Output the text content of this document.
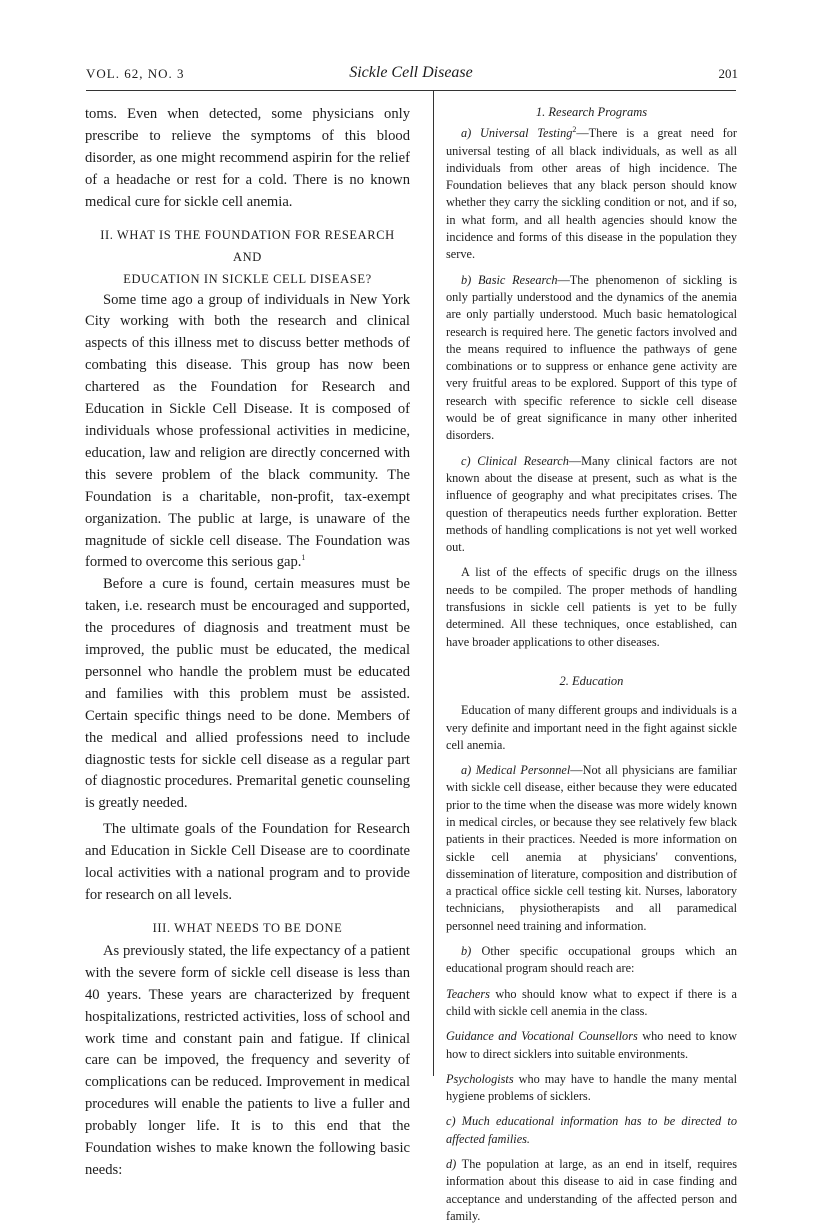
VOL. 62, NO. 3	Sickle Cell Disease	201

toms. Even when detected, some physicians only prescribe to relieve the symptoms of this blood disorder, as one might recommend aspirin for the relief of a headache or rest for a cold. There is no known medical cure for sickle cell anemia.

II. WHAT IS THE FOUNDATION FOR RESEARCH
AND
EDUCATION IN SICKLE CELL DISEASE?

Some time ago a group of individuals in New York City working with both the research and clinical aspects of this illness met to discuss better methods of combating this disease. This group has now been chartered as the Foundation for Research and Education in Sickle Cell Disease. It is composed of individuals whose professional activities in medicine, education, law and religion are directly concerned with this severe problem of the black community. The Foundation is a charitable, non-profit, tax-exempt organization. The public at large, is unaware of the magnitude of sickle cell disease. The Foundation was formed to overcome this serious gap.$^1$

Before a cure is found, certain measures must be taken, i.e. research must be encouraged and supported, the procedures of diagnosis and treatment must be improved, the public must be educated, the medical personnel who handle the problem must be educated and families with this problem must be assisted. Certain specific things need to be done. Members of the medical and allied professions need to include diagnostic tests for sickle cell disease as a regular part of diagnostic procedures. Premarital genetic counseling is greatly needed.

The ultimate goals of the Foundation for Research and Education in Sickle Cell Disease are to coordinate local activities with a national program and to provide for research on all levels.

III. WHAT NEEDS TO BE DONE

As previously stated, the life expectancy of a patient with the severe form of sickle cell disease is less than 40 years. These years are characterized by frequent hospitalizations, restricted activities, loss of school and work time and constant pain and fatigue. If clinical care can be impoved, the frequency and severity of complications can be reduced. Improvement in medical procedures will enable the patients to live a fuller and probably longer life. It is to this end that the Foundation wishes to make known the following basic needs:

1. Research Programs

a) Universal Testing$^2$—There is a great need for universal testing of all black individuals, as well as all individuals from other areas of high incidence. The Foundation believes that any black person should know whether they carry the sickling condition or not, and if so, in what form, and all health agencies should know the incidence and forms of this disease in the population they serve.

b) Basic Research—The phenomenon of sickling is only partially understood and the dynamics of the anemia are only partially understood. Much basic hematological research is required here. The genetic factors involved and the means required to influence the pathways of gene combinations or to suppress or enhance gene activity are very fruitful areas to be explored. Support of this type of research with specific reference to sickle cell disease would be of great significance in many other inherited disorders.

c) Clinical Research—Many clinical factors are not known about the disease at present, such as what is the influence of geography and what precipitates crises. The question of therapeutics needs further exploration. Better methods of handling complications is not yet well worked out.

A list of the effects of specific drugs on the illness needs to be compiled. The proper methods of handling transfusions in sickle cell patients is yet to be fully determined. All these techniques, once established, can have broader applications to other diseases.

2. Education

Education of many different groups and individuals is a very definite and important need in the fight against sickle cell anemia.

a) Medical Personnel—Not all physicians are familiar with sickle cell disease, either because they were educated prior to the time when the disease was more widely known in medical circles, or because they see relatively few black patients in their practices. Needed is more information on sickle cell anemia at physicians' conventions, dissemination of literature, composition and distribution of a practical office sickle cell testing kit. Nurses, laboratory technicians, physiotherapists and all paramedical personnel need training and information.

b) Other specific occupational groups which an educational program should reach are:

Teachers who should know what to expect if there is a child with sickle cell anemia in the class.

Guidance and Vocational Counsellors who need to know how to direct sicklers into suitable environments.

Psychologists who may have to handle the many mental hygiene problems of sicklers.

c) Much educational information has to be directed to affected families.

d) The population at large, as an end in itself, requires information about this disease to aid in case finding and acceptance and understanding of the affected person and family.
